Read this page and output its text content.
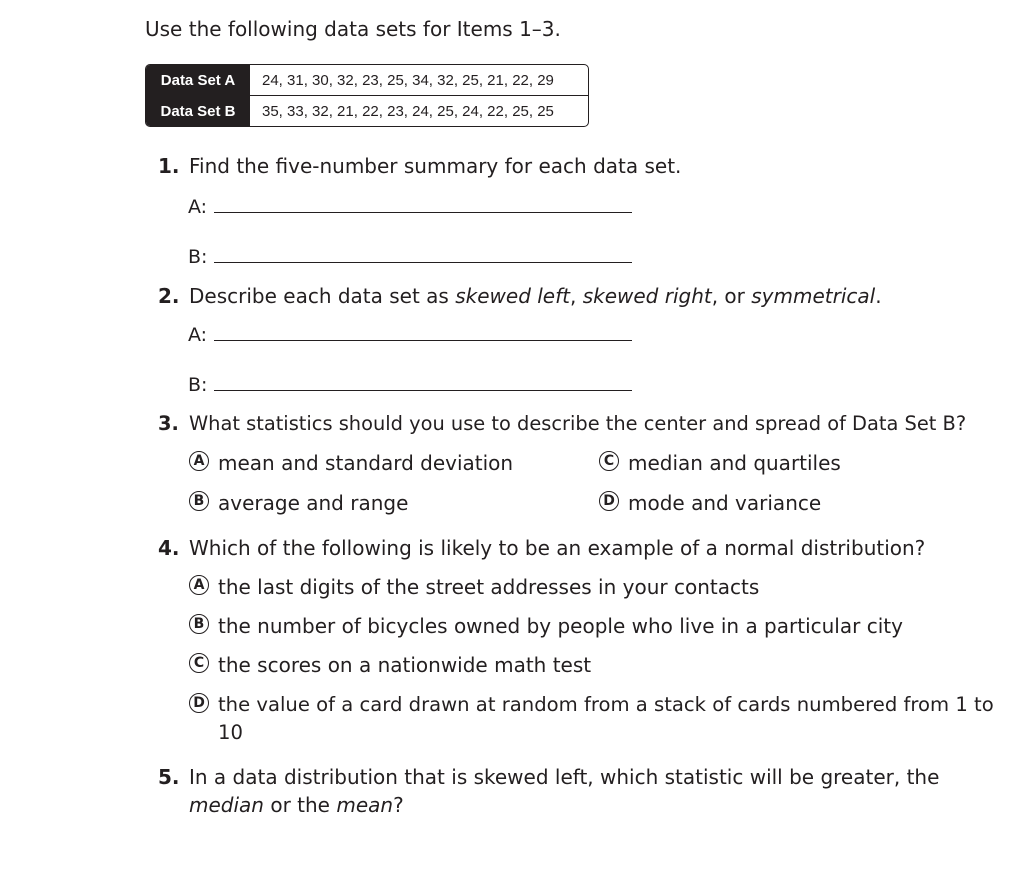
Use the following data sets for Items 1–3.
Data Set A	24, 31, 30, 32, 23, 25, 34, 32, 25, 21, 22, 29
Data Set B	35, 33, 32, 21, 22, 23, 24, 25, 24, 22, 25, 25
1. Find the five-number summary for each data set.
A:
B:
2. Describe each data set as skewed left, skewed right, or symmetrical.
A:
B:
3. What statistics should you use to describe the center and spread of Data Set B?
A mean and standard deviation
B average and range
C median and quartiles
D mode and variance
4. Which of the following is likely to be an example of a normal distribution?
A the last digits of the street addresses in your contacts
B the number of bicycles owned by people who live in a particular city
C the scores on a nationwide math test
D the value of a card drawn at random from a stack of cards numbered from 1 to 10
5. In a data distribution that is skewed left, which statistic will be greater, the
median or the mean?
